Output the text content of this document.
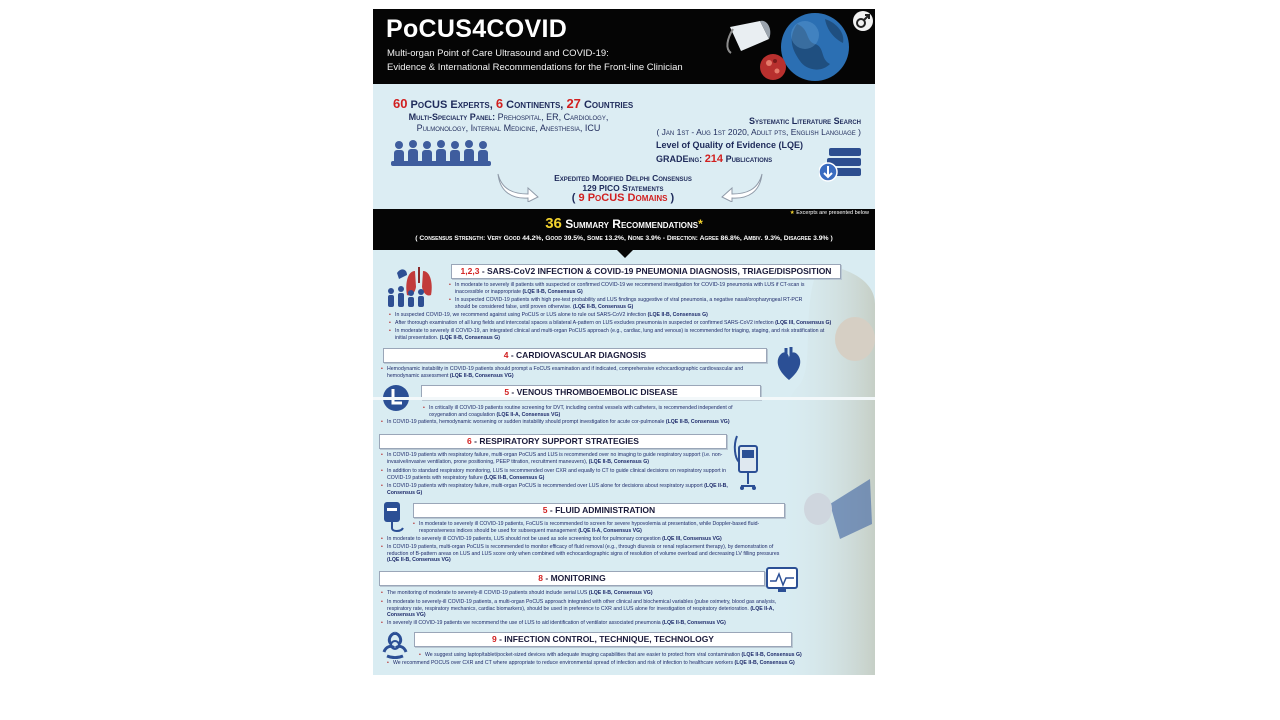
PoCUS4COVID
Multi-organ Point of Care Ultrasound and COVID-19:
Evidence & International Recommendations for the Front-line Clinician
60 PoCUS Experts, 6 Continents, 27 Countries
Multi-Specialty Panel: Prehospital, ER, Cardiology,
Pulmonology, Internal Medicine, Anesthesia, ICU
Systematic Literature Search
( Jan 1st - Aug 1st 2020, Adult pts, English Language )
Level of Quality of Evidence (LQE)
GRADEing: 214 Publications
Expedited Modified Delphi Consensus
129 PICO Statements
( 9 PoCUS Domains )
★ Excerpts are presented below
36 Summary Recommendations*
( Consensus Strength: Very Good 44.2%, Good 39.5%, Some 13.2%, None 3.9% - Direction: Agree 86.8%, Ambiv. 9.3%, Disagree 3.9% )
1,2,3 - SARS-CoV2 INFECTION & COVID-19 PNEUMONIA DIAGNOSIS, TRIAGE/DISPOSITION
• In moderate to severely ill patients with suspected or confirmed COVID-19 we recommend investigation for COVID-19 pneumonia with LUS if CT-scan is inaccessible or inappropriate (LQE II-B, Consensus G)
• In suspected COVID-19 patients with high pre-test probability and LUS findings suggestive of viral pneumonia, a negative nasal/oropharyngeal RT-PCR should be considered false, until proven otherwise. (LQE II-B, Consensus G)
• In suspected COVID-19, we recommend against using PoCUS or LUS alone to rule out SARS-CoV2 infection (LQE II-B, Consensus G)
• After thorough examination of all lung fields and intercostal spaces a bilateral A-pattern on LUS excludes pneumonia in suspected or confirmed SARS-CoV2 infection (LQE III, Consensus G)
• In moderate to severely ill COVID-19, an integrated clinical and multi-organ PoCUS approach (e.g., cardiac, lung and venous) is recommended for triaging, staging, and risk stratification at initial presentation. (LQE II-B, Consensus G)
4 - CARDIOVASCULAR DIAGNOSIS
• Hemodynamic instability in COVID-19 patients should prompt a FoCUS examination and if indicated, comprehensive echocardiographic cardiovascular and hemodynamic assessment (LQE II-B, Consensus VG)
5 - VENOUS THROMBOEMBOLIC DISEASE
• In critically ill COVID-19 patients routine screening for DVT, including central vessels with catheters, is recommended independent of oxygenation and coagulation (LQE II-A, Consensus VG)
• In COVID-19 patients, hemodynamic worsening or sudden instability should prompt investigation for acute cor-pulmonale (LQE II-B, Consensus VG)
6 - RESPIRATORY SUPPORT STRATEGIES
• In COVID-19 patients with respiratory failure, multi-organ PoCUS and LUS is recommended over no imaging to guide respiratory support (i.e. non-invasive/invasive ventilation, prone positioning, PEEP titration, recruitment maneuvers), (LQE II-B, Consensus G)
• In addition to standard respiratory monitoring, LUS is recommended over CXR and equally to CT to guide clinical decisions on respiratory support in COVID-19 patients with respiratory failure (LQE II-B, Consensus G)
• In COVID-19 patients with respiratory failure, multi-organ PoCUS is recommended over LUS alone for decisions about respiratory support (LQE II-B, Consensus G)
5 - FLUID ADMINISTRATION
• In moderate to severely ill COVID-19 patients, FoCUS is recommended to screen for severe hypovolemia at presentation, while Doppler-based fluid-responsiveness indices should be used for subsequent management (LQE II-A, Consensus VG)
• In moderate to severely ill COVID-19 patients, LUS should not be used as sole screening tool for pulmonary congestion (LQE III, Consensus VG)
• In COVID-19 patients, multi-organ PoCUS is recommended to monitor efficacy of fluid removal (e.g., through diuresis or renal replacement therapy), by demonstration of reduction of B-pattern areas on LUS and LUS score only when combined with echocardiographic signs of resolution of volume overload and decreasing LV filling pressures (LQE II-B, Consensus VG)
8 - MONITORING
• The monitoring of moderate to severely-ill COVID-19 patients should include serial LUS (LQE II-B, Consensus VG)
• In moderate to severely-ill COVID-19 patients, a multi-organ PoCUS approach integrated with other clinical and biochemical variables (pulse oximetry, blood gas analysis, respiratory rate, respiratory mechanics, cardiac biomarkers), should be used in preference to CXR and LUS alone for investigation of respiratory deterioration. (LQE II-A, Consensus VG)
• In severely ill COVID-19 patients we recommend the use of LUS to aid identification of ventilator associated pneumonia (LQE II-B, Consensus VG)
9 - INFECTION CONTROL, TECHNIQUE, TECHNOLOGY
• We suggest using laptop/tablet/pocket-sized devices with adequate imaging capabilities that are easier to protect from viral contamination (LQE II-B, Consensus G)
• We recommend POCUS over CXR and CT where appropriate to reduce environmental spread of infection and risk of infection to healthcare workers (LQE II-B, Consensus G)
